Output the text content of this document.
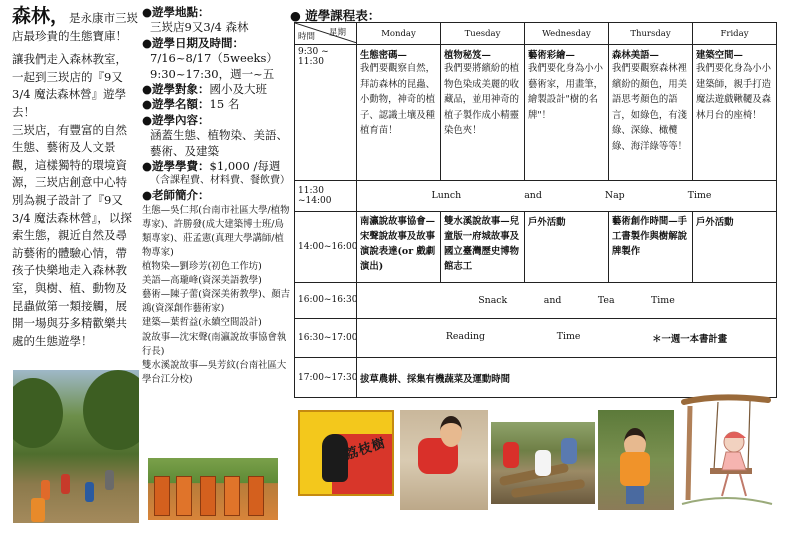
森林，是永康市三崁店最珍貴的生態寶庫！

讓我們走入森林教室，一起到三崁店的『9又3/4 魔法森林營』遊學去！

三崁店，有豐富的自然生態、藝術及人文景觀，這樣獨特的環境資源，三崁店創意中心特別為親子設計了『9又3/4 魔法森林營』，以探索生態，親近自然及尋訪藝術的體驗心情，帶孩子快樂地走入森林教室，與樹、植、動物及昆蟲做第一類接觸，展開一場與芬多精歡樂共處的生態遊學！

●遊學地點：
三崁店9又3/4 森林
●遊學日期及時間：
7/16~8/17（5weeks）
9:30~17:30，週一~五
●遊學對象：國小及大班
●遊學名額：15 名
●遊學內容：
涵蓋生態、植物染、美語、藝術、及建築
●遊學學費：$1,000 /每週
（含課程費、材料費、餐飲費）
●老師簡介：
生態—吳仁邦(台南市社區大學/植物專家)、許勝發(成大建築博士班/鳥類專家)、莊孟憲(真理大學講師/植物專家)
植物染—劉珍芳(初色工作坊)
美語—高瓏峰(資深美語教學)
藝術—陳子蕾(資深美術教學)、顏吉鴻(資深創作藝術家)
建築—葉哲益(永續空間設計)
說故事—沈宋聲(南瀛說故事協會執行長)
雙水溪說故事—吳芳紋(台南社區大學台江分校)
● 遊學課程表：
星期
時間	Monday	Tuesday	Wednesday	Thursday	Friday
9:30 ~ 11:30	生態密碼—
我們要觀察自然，拜訪森林的昆蟲、小動物，神奇的植子、認識土壤及種植育苗！	植物秘笈—
我們要將繽紛的植物色染成美麗的收藏品，並用神奇的植子製作成小精靈染色夾！	藝術彩繪—
我們要化身為小小藝術家，用畫筆，繪製設計"樹的名牌"！	森林美語—
我們要觀察森林裡繽紛的顏色，用美語思考顏色的語言，如綠色，有淺綠、深綠、橄欖綠、海洋綠等等！	建築空間—
我們要化身為小小建築師，親手打造魔法遊戲鞦韆及森林月台的座椅！

11:30 ~14:00	Lunch and Nap Time				

14:00~16:00	南瀛說故事協會—宋聲說故事及故事演說表達(or 戲劇演出)	雙水溪說故事—兒童版一府城故事及國立臺灣歷史博物館志工	戶外活動	藝術創作時間—手工書製作與樹解說牌製作	戶外活動
16:00~16:30	Snack and Tea Time				

16:30~17:00	Reading Time ＊一週一本書計畫				

17:00~17:30	拔草農耕、採集有機蔬菜及運動時間				
荔枝樹
